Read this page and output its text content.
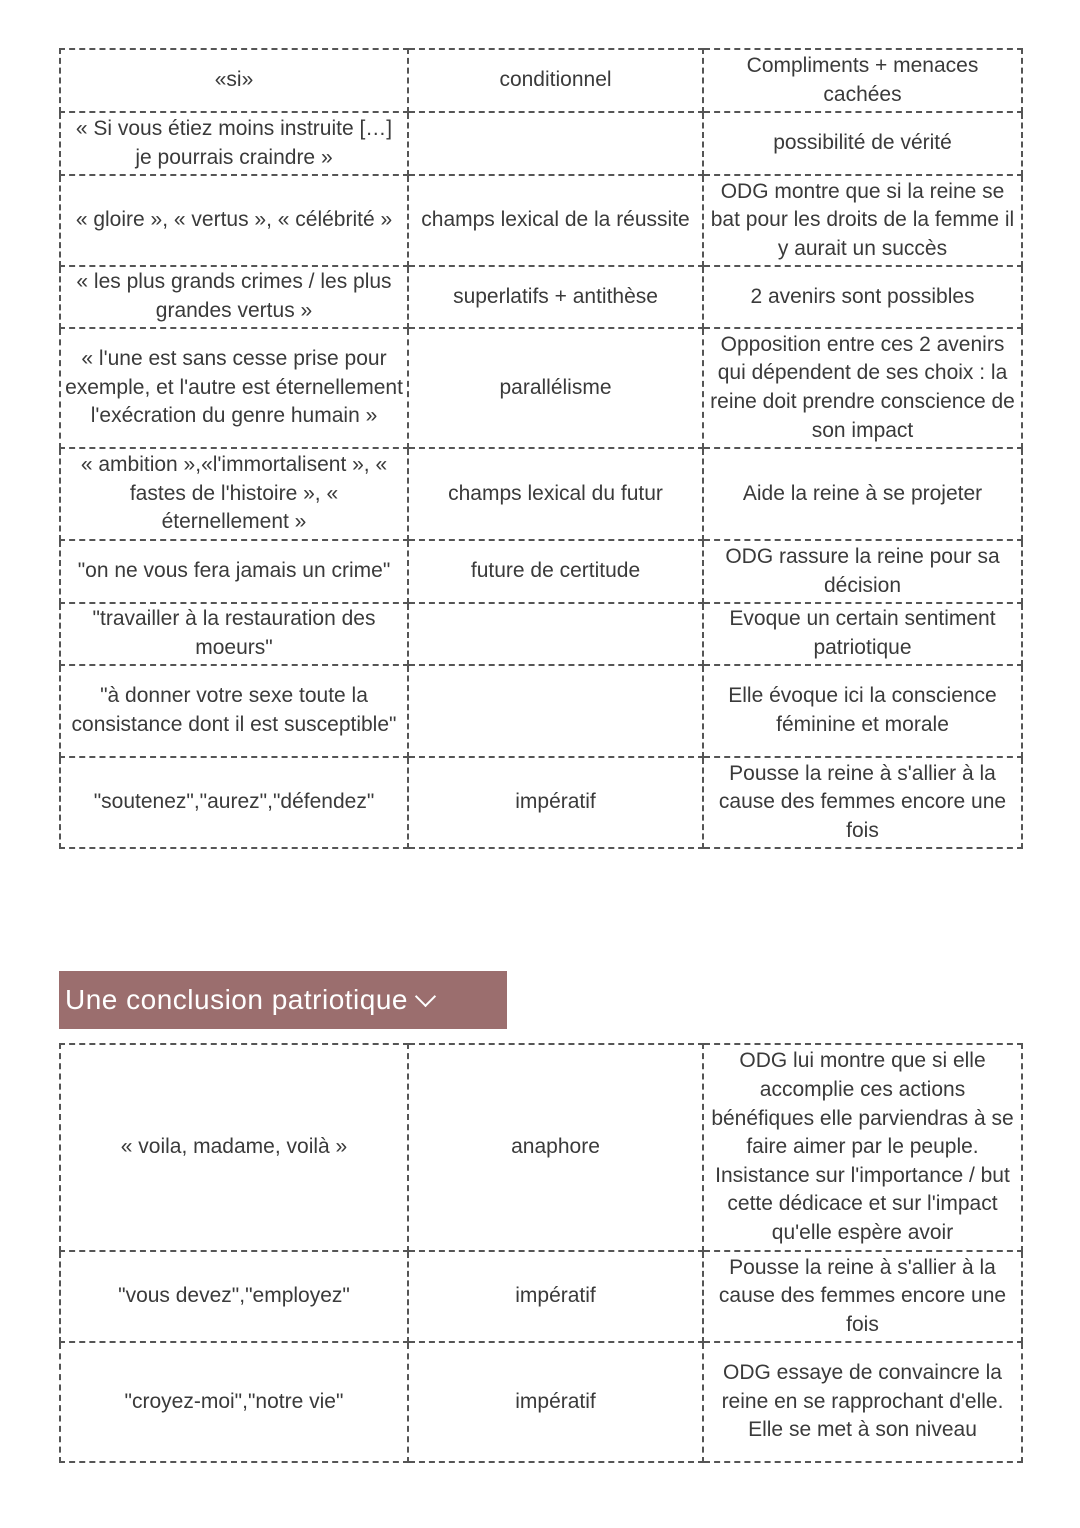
«si»	conditionnel	Compliments + menaces cachées
« Si vous étiez moins instruite […] je pourrais craindre »		possibilité de vérité
« gloire », « vertus », « célébrité »	champs lexical de la réussite	ODG montre que si la reine se bat pour les droits de la femme il y aurait un succès
« les plus grands crimes / les plus grandes vertus »	superlatifs + antithèse	2 avenirs sont possibles
« l'une est sans cesse prise pour exemple, et l'autre est éternellement l'exécration du genre humain »	parallélisme	Opposition entre ces 2 avenirs qui dépendent de ses choix : la reine doit prendre conscience de son impact
« ambition »,«l'immortalisent », « fastes de l'histoire », « éternellement »	champs lexical du futur	Aide la reine à se projeter
"on ne vous fera jamais un crime"	future de certitude	ODG rassure la reine pour sa décision
"travailler à la restauration des moeurs"		Evoque un certain sentiment patriotique
"à donner votre sexe toute la consistance dont il est susceptible"		Elle évoque ici la conscience féminine et morale
"soutenez","aurez","défendez"	impératif	Pousse la reine à s'allier à la cause des femmes encore une fois
Une conclusion patriotique
« voila, madame, voilà »	anaphore	ODG lui montre que si elle accomplie ces actions bénéfiques elle parviendras à se faire aimer par le peuple. Insistance sur l'importance / but cette dédicace et sur l'impact qu'elle espère avoir
"vous devez","employez"	impératif	Pousse la reine à s'allier à la cause des femmes encore une fois
"croyez-moi","notre vie"	impératif	ODG essaye de convaincre la reine en se rapprochant d'elle. Elle se met à son niveau
